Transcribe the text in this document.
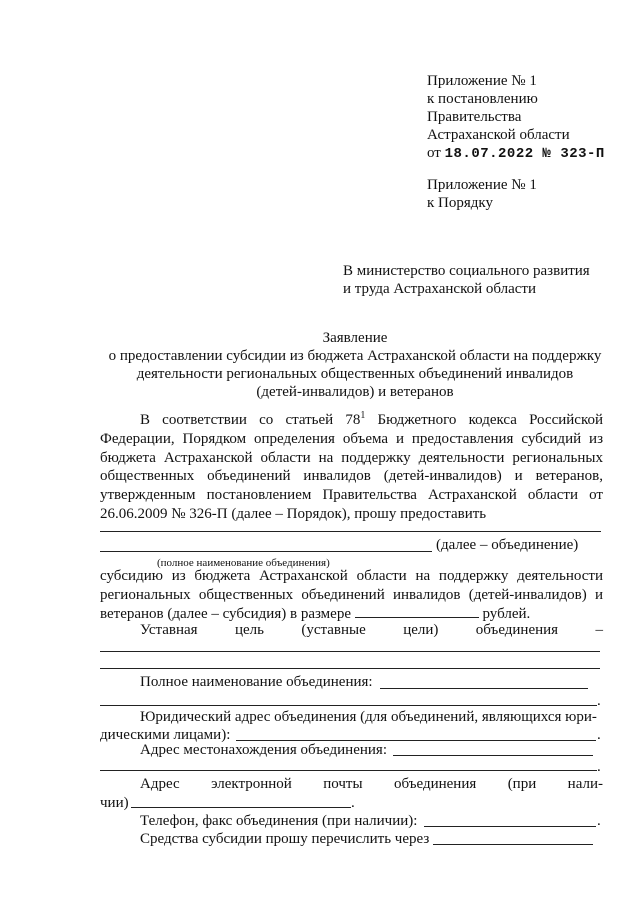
Приложение № 1
к постановлению
Правительства
Астраханской области
от 18.07.2022 № 323-П
Приложение № 1
к Порядку
В министерство социального развития
и труда Астраханской области
Заявление
о предоставлении субсидии из бюджета Астраханской области на поддержку
деятельности региональных общественных объединений инвалидов
(детей-инвалидов) и ветеранов

В соответствии со статьей $78^1$ Бюджетного кодекса Российской Федерации, Порядком определения объема и предоставления субсидий из бюджета Астраханской области на поддержку деятельности региональных общественных объединений инвалидов (детей-инвалидов) и ветеранов, утвержденным постановлением Правительства Астраханской области от 26.06.2009 № 326-П (далее – Порядок), прошу предоставить

(далее – объединение)
(полное наименование объединения)

субсидию из бюджета Астраханской области на поддержку деятельности региональных общественных объединений инвалидов (детей-инвалидов) и ветеранов (далее – субсидия) в размере	рублей.

Уставная цель (уставные цели) объединения –
Полное наименование объединения:
.
Юридический адрес объединения (для объединений, являющихся юри-
дическими лицами):	.
Адрес местонахождения объединения:
.
Адрес электронной почты объединения (при нали-
чии)	.
Телефон, факс объединения (при наличии):	.
Средства субсидии прошу перечислить через
